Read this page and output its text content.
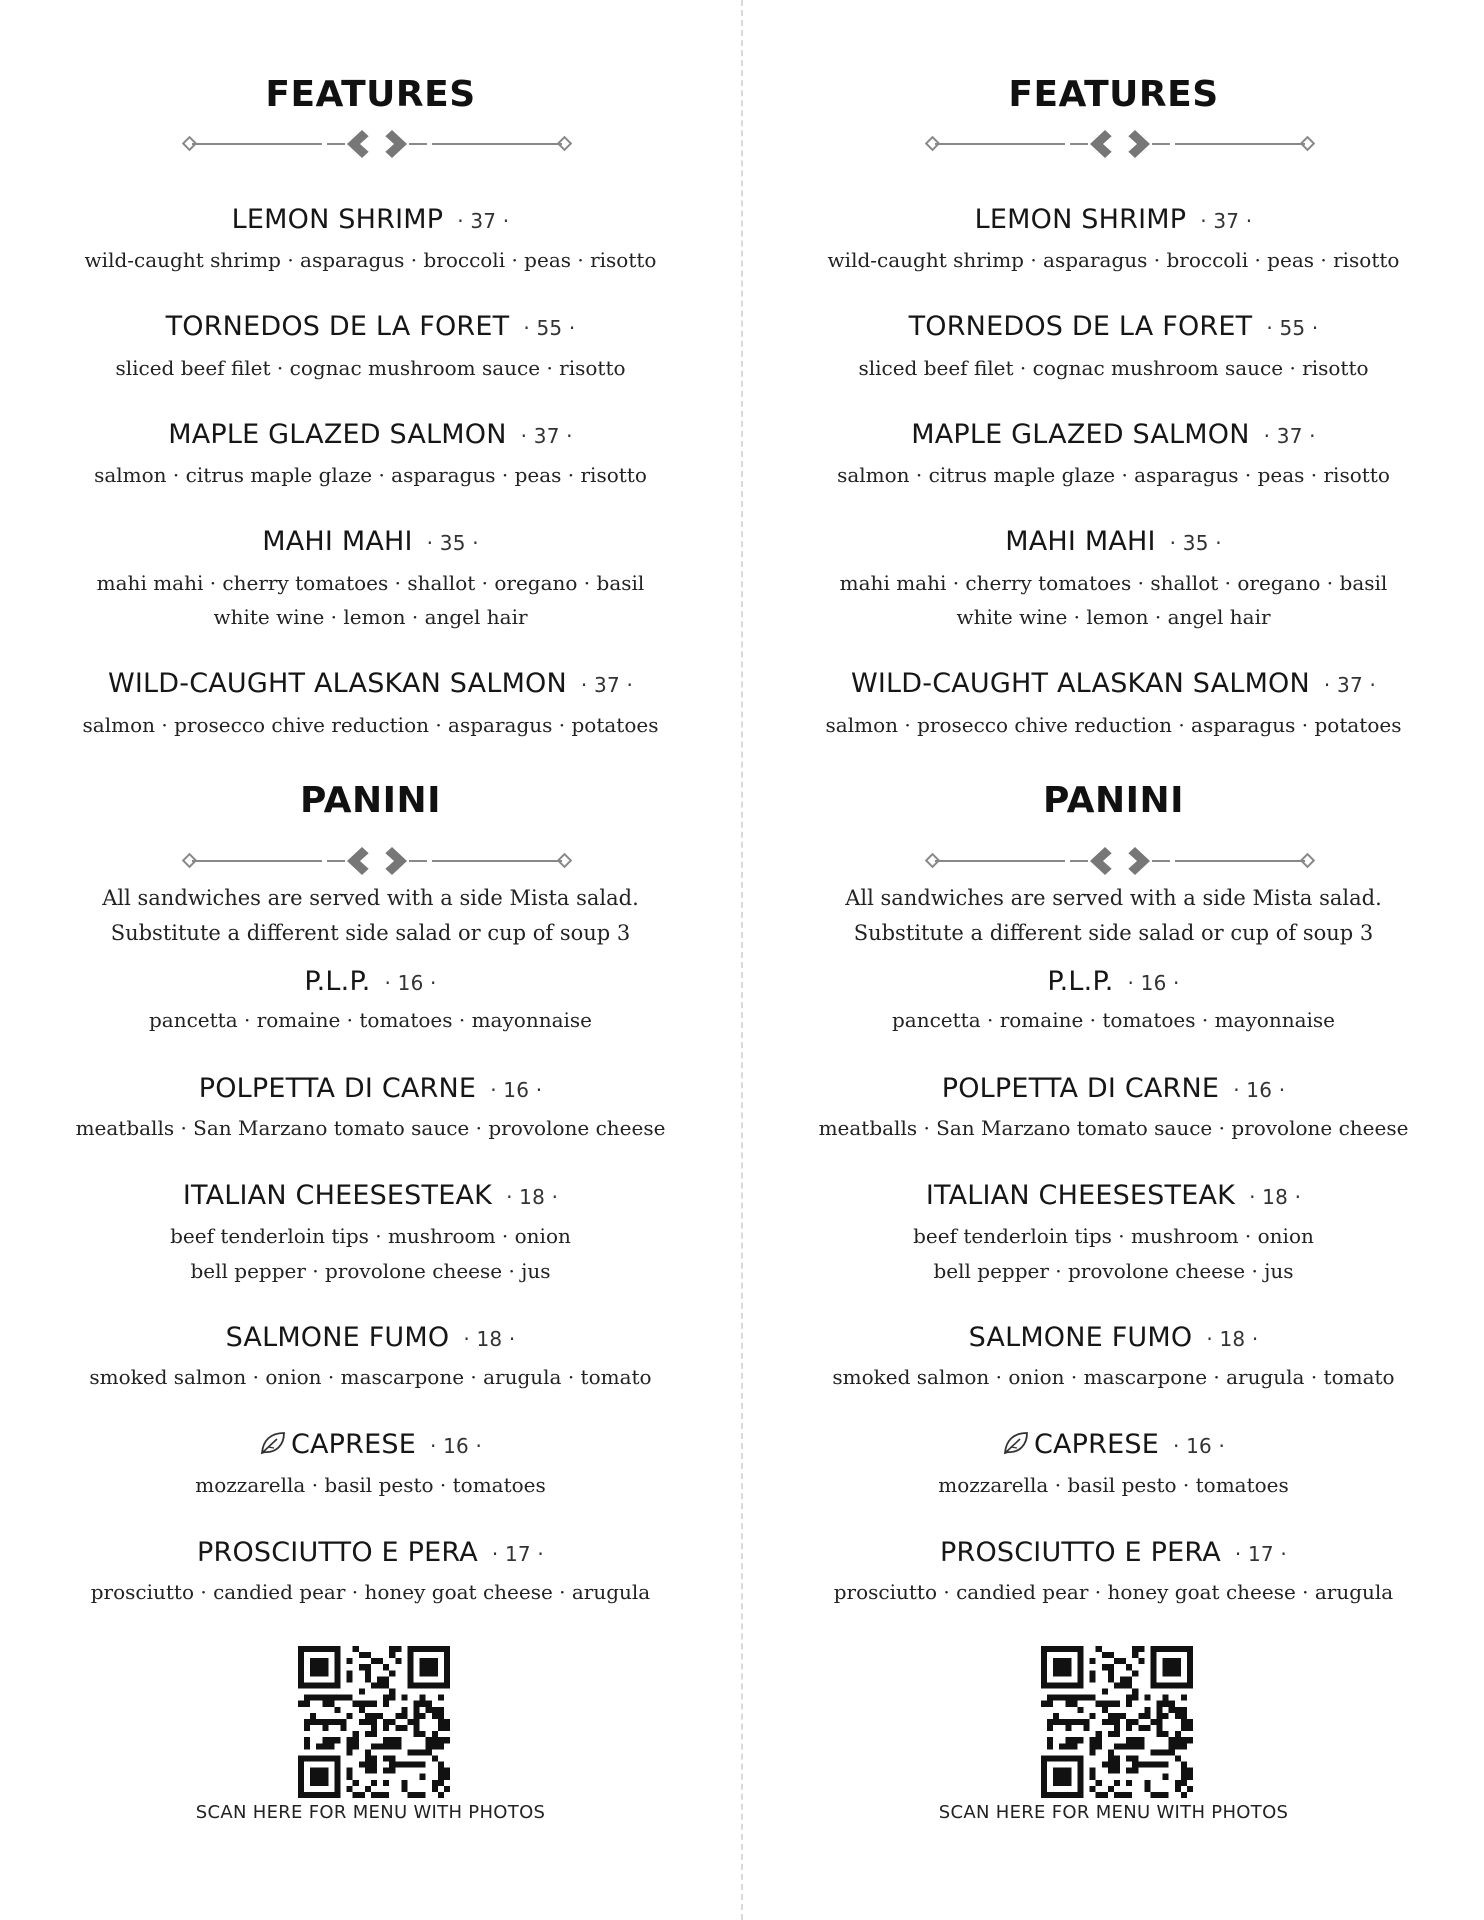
FEATURES
LEMON SHRIMP · 37 ·
wild-caught shrimp · asparagus · broccoli · peas · risotto
TORNEDOS DE LA FORET · 55 ·
sliced beef filet · cognac mushroom sauce · risotto
MAPLE GLAZED SALMON · 37 ·
salmon · citrus maple glaze · asparagus · peas · risotto
MAHI MAHI · 35 ·
mahi mahi · cherry tomatoes · shallot · oregano · basil
white wine · lemon · angel hair
WILD-CAUGHT ALASKAN SALMON · 37 ·
salmon · prosecco chive reduction · asparagus · potatoes
PANINI
All sandwiches are served with a side Mista salad.
Substitute a different side salad or cup of soup 3
P.L.P. · 16 ·
pancetta · romaine · tomatoes · mayonnaise
POLPETTA DI CARNE · 16 ·
meatballs · San Marzano tomato sauce · provolone cheese
ITALIAN CHEESESTEAK · 18 ·
beef tenderloin tips · mushroom · onion
bell pepper · provolone cheese · jus
SALMONE FUMO · 18 ·
smoked salmon · onion · mascarpone · arugula · tomato
CAPRESE · 16 ·
mozzarella · basil pesto · tomatoes
PROSCIUTTO E PERA · 17 ·
prosciutto · candied pear · honey goat cheese · arugula
SCAN HERE FOR MENU WITH PHOTOS
FEATURES
LEMON SHRIMP · 37 ·
wild-caught shrimp · asparagus · broccoli · peas · risotto
TORNEDOS DE LA FORET · 55 ·
sliced beef filet · cognac mushroom sauce · risotto
MAPLE GLAZED SALMON · 37 ·
salmon · citrus maple glaze · asparagus · peas · risotto
MAHI MAHI · 35 ·
mahi mahi · cherry tomatoes · shallot · oregano · basil
white wine · lemon · angel hair
WILD-CAUGHT ALASKAN SALMON · 37 ·
salmon · prosecco chive reduction · asparagus · potatoes
PANINI
All sandwiches are served with a side Mista salad.
Substitute a different side salad or cup of soup 3
P.L.P. · 16 ·
pancetta · romaine · tomatoes · mayonnaise
POLPETTA DI CARNE · 16 ·
meatballs · San Marzano tomato sauce · provolone cheese
ITALIAN CHEESESTEAK · 18 ·
beef tenderloin tips · mushroom · onion
bell pepper · provolone cheese · jus
SALMONE FUMO · 18 ·
smoked salmon · onion · mascarpone · arugula · tomato
CAPRESE · 16 ·
mozzarella · basil pesto · tomatoes
PROSCIUTTO E PERA · 17 ·
prosciutto · candied pear · honey goat cheese · arugula
SCAN HERE FOR MENU WITH PHOTOS
